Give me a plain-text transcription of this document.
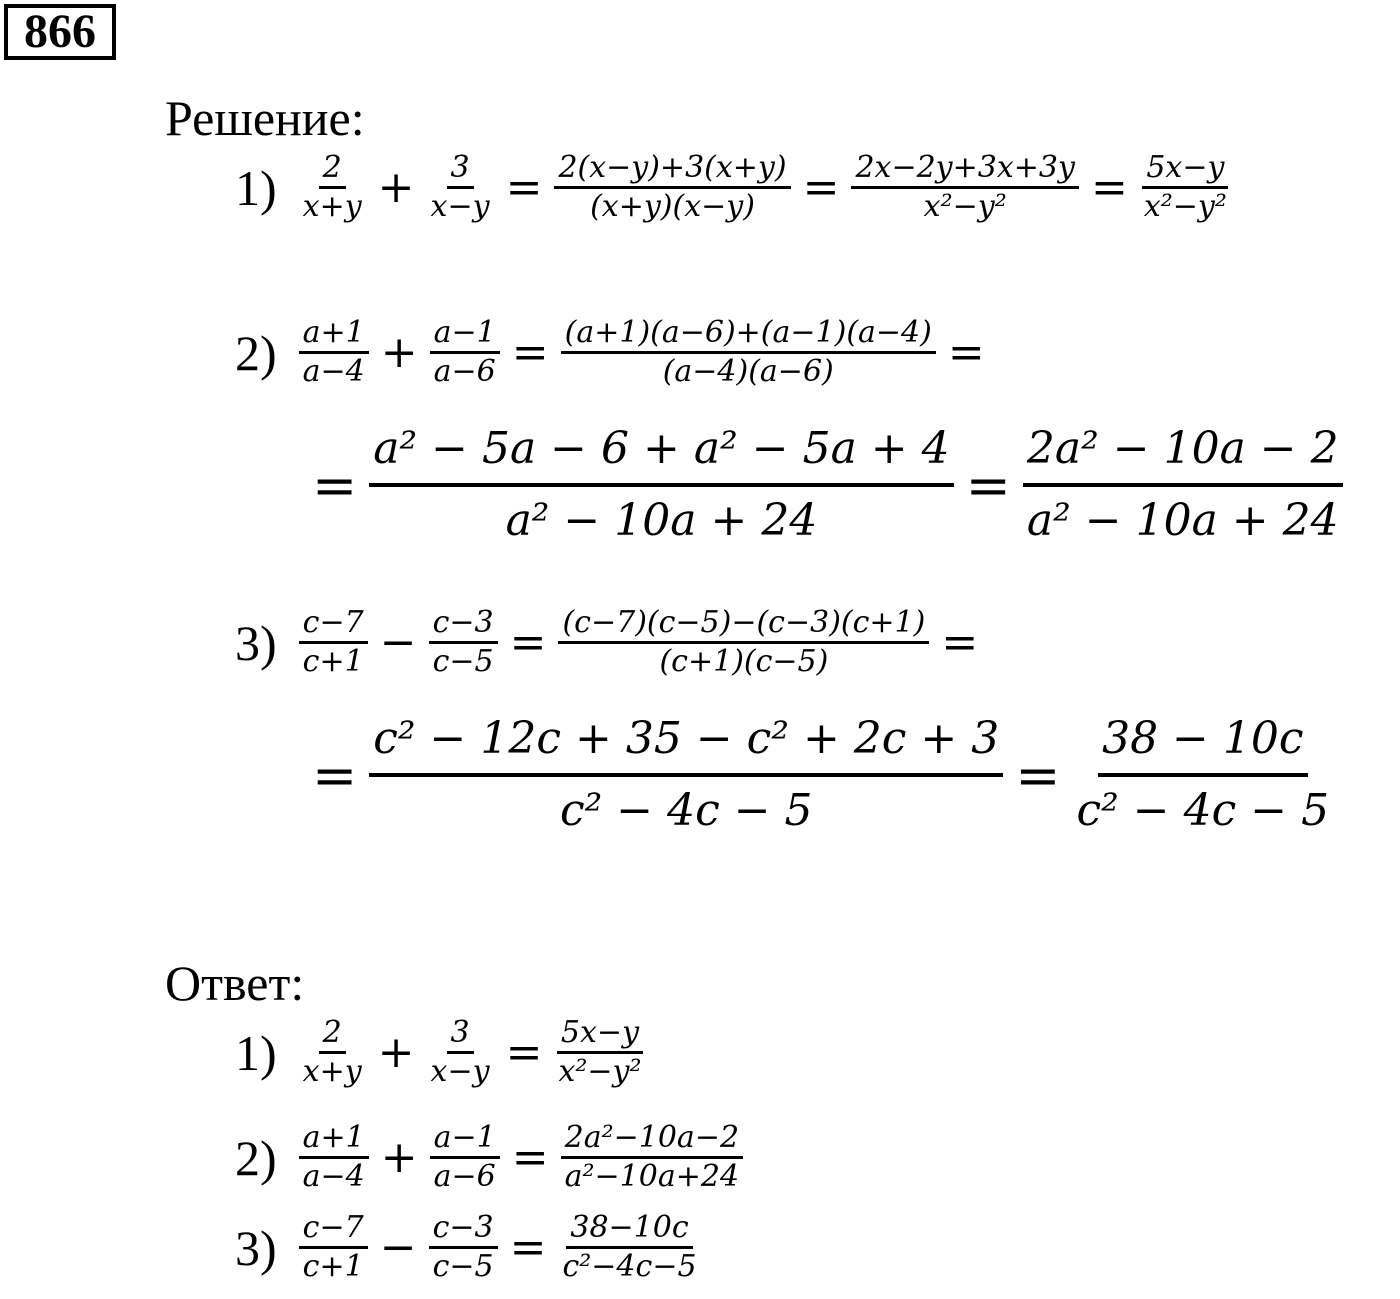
866
Решение:
$1) \frac{2}{x+y} + \frac{3}{x-y} = \frac{2(x-y)+3(x+y)}{(x+y)(x-y)} = \frac{2x-2y+3x+3y}{\text{x²−y²}} = \frac{5x-y}{\text{x²−y²}}$
$2) \frac{a+1}{a-4} + \frac{a-1}{a-6} = \frac{(a+1)(a-6)+(a-1)(a-4)}{(a-4)(a-6)}$ =
= $\frac{\text{a² − 5a − 6 + a² − 5a + 4}}{\text{a² − 10a + 24}} = \frac{\text{2a² − 10a − 2}}{\text{a² − 10a + 24}}$
$3) \frac{c-7}{c+1} - \frac{c-3}{c-5} = \frac{(c-7)(c-5)-(c-3)(c+1)}{(c+1)(c-5)}$ =
= $\frac{\text{c² − 12c + 35 − c² + 2c + 3}}{\text{c² − 4c − 5}} = \frac{38 - 10c}{\text{c² − 4c − 5}}$
Ответ:
$1) \frac{2}{x+y} + \frac{3}{x-y} = \frac{5x-y}{\text{x²−y²}}$
$2) \frac{a+1}{a-4} + \frac{a-1}{a-6} = \frac{\text{2a²−10a−2}}{\text{a²−10a+24}}$
$3) \frac{c-7}{c+1} - \frac{c-3}{c-5} = \frac{38-10c}{\text{c²−4c−5}}$
